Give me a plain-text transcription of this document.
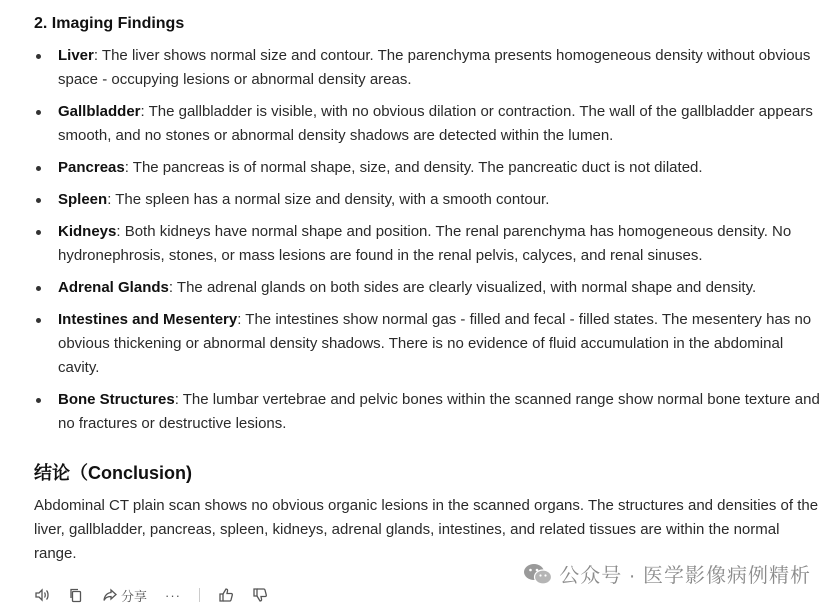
2. Imaging Findings
Liver: The liver shows normal size and contour. The parenchyma presents homogeneous density without obvious space - occupying lesions or abnormal density areas.
Gallbladder: The gallbladder is visible, with no obvious dilation or contraction. The wall of the gallbladder appears smooth, and no stones or abnormal density shadows are detected within the lumen.
Pancreas: The pancreas is of normal shape, size, and density. The pancreatic duct is not dilated.
Spleen: The spleen has a normal size and density, with a smooth contour.
Kidneys: Both kidneys have normal shape and position. The renal parenchyma has homogeneous density. No hydronephrosis, stones, or mass lesions are found in the renal pelvis, calyces, and renal sinuses.
Adrenal Glands: The adrenal glands on both sides are clearly visualized, with normal shape and density.
Intestines and Mesentery: The intestines show normal gas - filled and fecal - filled states. The mesentery has no obvious thickening or abnormal density shadows. There is no evidence of fluid accumulation in the abdominal cavity.
Bone Structures: The lumbar vertebrae and pelvic bones within the scanned range show normal bone texture and no fractures or destructive lesions.
结论（Conclusion)

Abdominal CT plain scan shows no obvious organic lesions in the scanned organs. The structures and densities of the liver, gallbladder, pancreas, spleen, kidneys, adrenal glands, intestines, and related tissues are within the normal range.

分享 ···
公众号 · 医学影像病例精析
